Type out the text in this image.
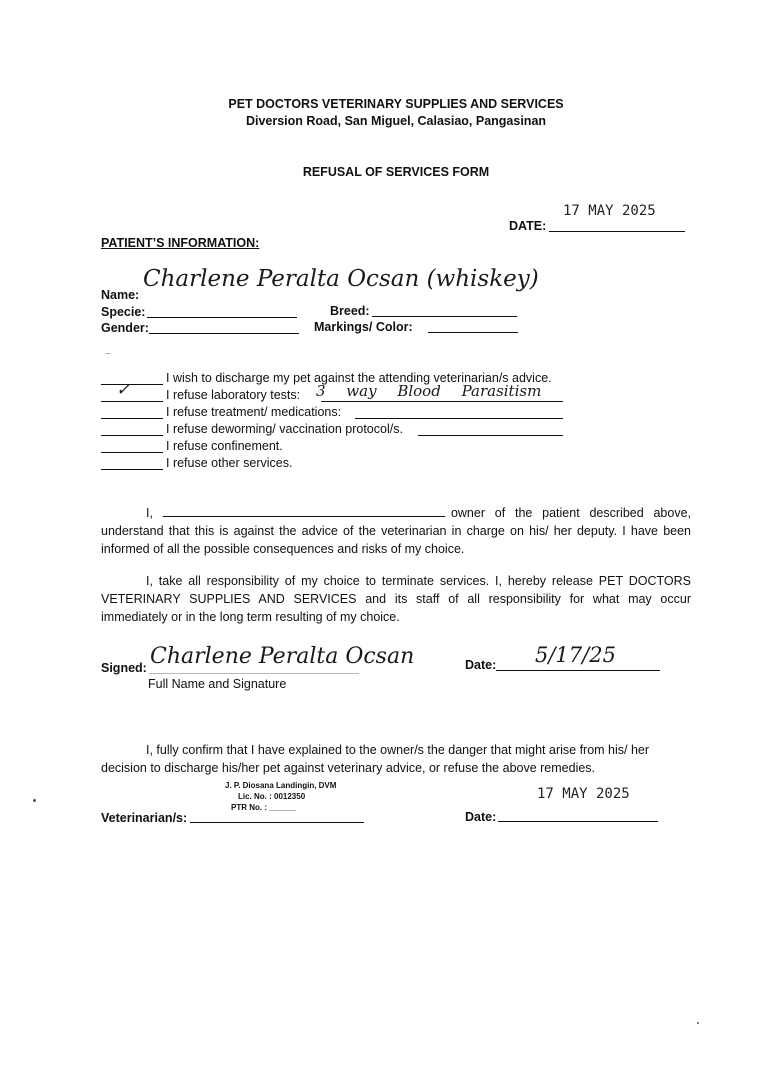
PET DOCTORS VETERINARY SUPPLIES AND SERVICES
Diversion Road, San Miguel, Calasiao, Pangasinan
REFUSAL OF SERVICES FORM
17 MAY 2025
DATE:
PATIENT’S INFORMATION:
Name:
Charlene Peralta Ocsan (whiskey)
Specie:	Breed:
Gender:	Markings/ Color:
I wish to discharge my pet against the attending veterinarian/s advice.
✓	I refuse laboratory tests: 3 way Blood Parasitism
I refuse treatment/ medications:
I refuse deworming/ vaccination protocol/s.
I refuse confinement.
I refuse other services.
I,	owner of the patient described above, understand that this is against the advice of the veterinarian in charge on his/ her deputy. I have been informed of all the possible consequences and risks of my choice.
I, take all responsibility of my choice to terminate services. I, hereby release PET DOCTORS VETERINARY SUPPLIES AND SERVICES and its staff of all responsibility for what may occur immediately or in the long term resulting of my choice.
Signed: Charlene Peralta Ocsan
Full Name and Signature
Date: 5/17/25
I, fully confirm that I have explained to the owner/s the danger that might arise from his/ her decision to discharge his/her pet against veterinary advice, or refuse the above remedies.
J. P. Diosana Landingin, DVM
Lic. No. : 0012350
PTR No. : ______
17 MAY 2025
Veterinarian/s:	Date:
